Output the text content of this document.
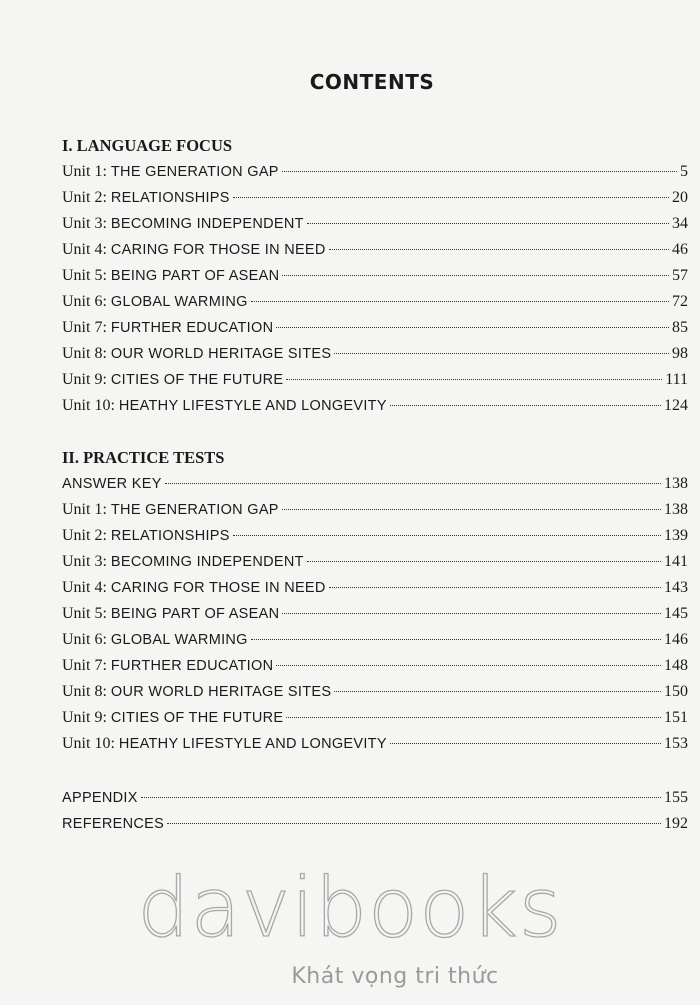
CONTENTS
I. LANGUAGE FOCUS
Unit 1: THE GENERATION GAP	5
Unit 2: RELATIONSHIPS	20
Unit 3: BECOMING INDEPENDENT	34
Unit 4: CARING FOR THOSE IN NEED	46
Unit 5: BEING PART OF ASEAN	57
Unit 6: GLOBAL WARMING	72
Unit 7: FURTHER EDUCATION	85
Unit 8: OUR WORLD HERITAGE SITES	98
Unit 9: CITIES OF THE FUTURE	111
Unit 10: HEATHY LIFESTYLE AND LONGEVITY	124
II. PRACTICE TESTS
ANSWER KEY	138
Unit 1: THE GENERATION GAP	138
Unit 2: RELATIONSHIPS	139
Unit 3: BECOMING INDEPENDENT	141
Unit 4: CARING FOR THOSE IN NEED	143
Unit 5: BEING PART OF ASEAN	145
Unit 6: GLOBAL WARMING	146
Unit 7: FURTHER EDUCATION	148
Unit 8: OUR WORLD HERITAGE SITES	150
Unit 9: CITIES OF THE FUTURE	151
Unit 10: HEATHY LIFESTYLE AND LONGEVITY	153
APPENDIX	155
REFERENCES	192
davibooks
Khát vọng tri thức
